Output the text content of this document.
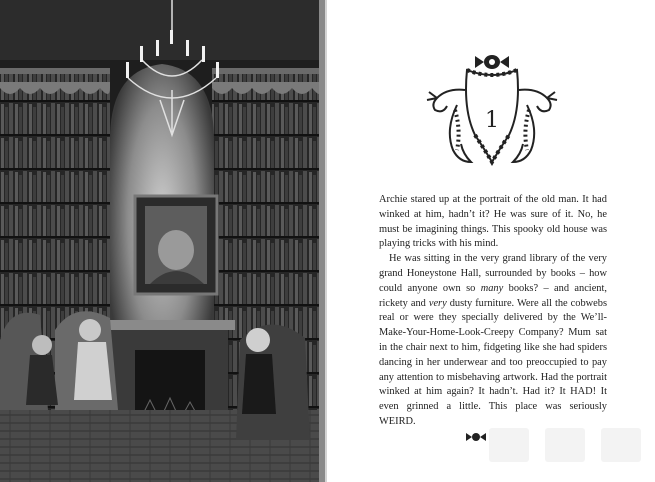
1

Archie stared up at the portrait of the old man. It had winked at him, hadn’t it? He was sure of it. No, he must be imagining things. This spooky old house was playing tricks with his mind.

He was sitting in the very grand library of the very grand Honeystone Hall, surrounded by books – how could anyone own so many books? – and ancient, rickety and very dusty furniture. Were all the cobwebs real or were they specially delivered by the We’ll-Make-Your-Home-Look-Creepy Company? Mum sat in the chair next to him, fidgeting like she had spiders dancing in her underwear and too preoccupied to pay any attention to misbehaving artwork. Had the portrait winked at him again? It hadn’t. Had it? It HAD! It even grinned a little. This place was seriously WEIRD.
